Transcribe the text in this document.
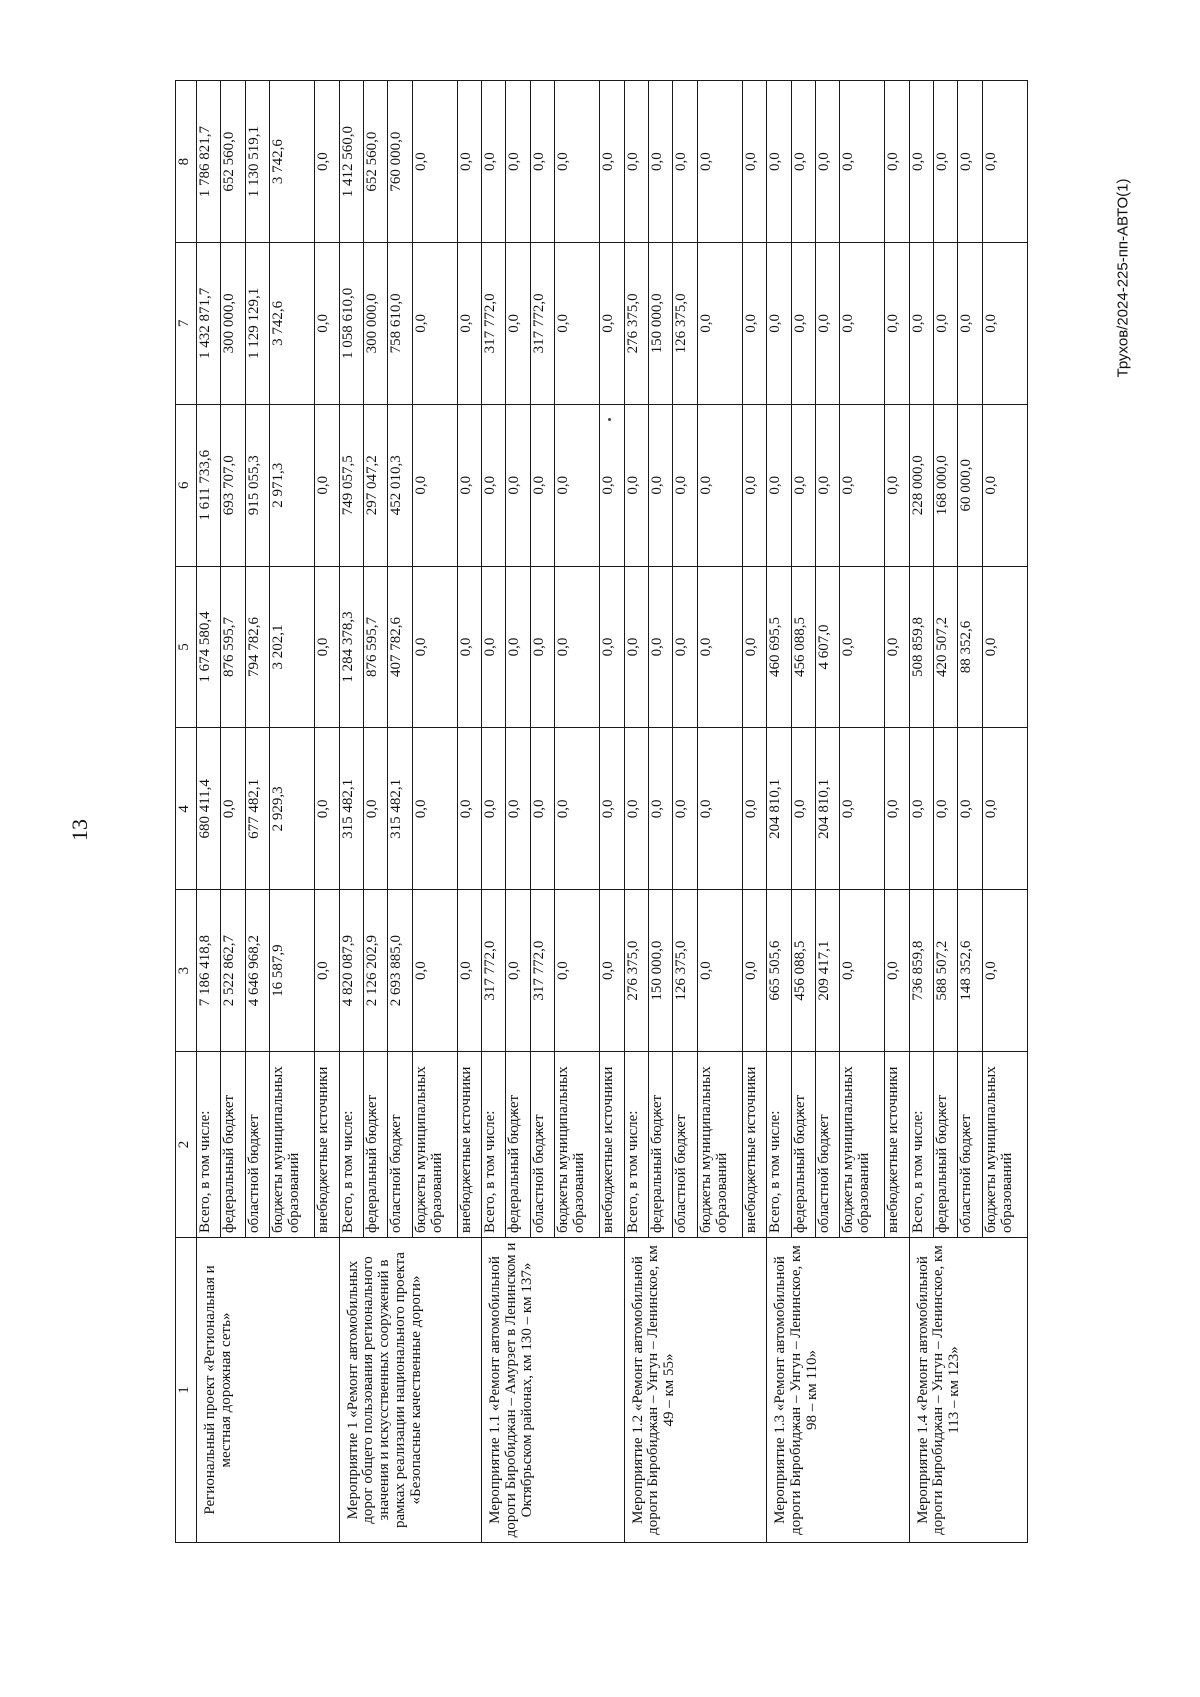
13
Трухов/2024-225-пп-АВТО(1)
1	2	3	4	5	6	7	8
Региональный проект «Региональная и местная дорожная сеть»	Всего, в том числе:	7 186 418,8	680 411,4	1 674 580,4	1 611 733,6	1 432 871,7	1 786 821,7
	федеральный бюджет	2 522 862,7	0,0	876 595,7	693 707,0	300 000,0	652 560,0
	областной бюджет	4 646 968,2	677 482,1	794 782,6	915 055,3	1 129 129,1	1 130 519,1
	бюджеты муниципальных образований	16 587,9	2 929,3	3 202,1	2 971,3	3 742,6	3 742,6
	внебюджетные источники	0,0	0,0	0,0	0,0	0,0	0,0
Мероприятие 1 «Ремонт автомобильных дорог общего пользования регионального значения и искусственных сооружений в рамках реализации национального проекта «Безопасные качественные дороги»	Всего, в том числе:	4 820 087,9	315 482,1	1 284 378,3	749 057,5	1 058 610,0	1 412 560,0
	федеральный бюджет	2 126 202,9	0,0	876 595,7	297 047,2	300 000,0	652 560,0
	областной бюджет	2 693 885,0	315 482,1	407 782,6	452 010,3	758 610,0	760 000,0
	бюджеты муниципальных образований	0,0	0,0	0,0	0,0	0,0	0,0
	внебюджетные источники	0,0	0,0	0,0	0,0	0,0	0,0
Мероприятие 1.1 «Ремонт автомобильной дороги Биробиджан – Амурзет в Ленинском и Октябрьском районах, км 130 – км 137»	Всего, в том числе:	317 772,0	0,0	0,0	0,0	317 772,0	0,0
	федеральный бюджет	0,0	0,0	0,0	0,0	0,0	0,0
	областной бюджет	317 772,0	0,0	0,0	0,0	317 772,0	0,0
	бюджеты муниципальных образований	0,0	0,0	0,0	0,0	0,0	0,0
	внебюджетные источники	0,0	0,0	0,0	0,0	0,0	0,0
Мероприятие 1.2 «Ремонт автомобильной дороги Биробиджан – Унгун – Ленинское, км 49 – км 55»	Всего, в том числе:	276 375,0	0,0	0,0	0,0	276 375,0	0,0
	федеральный бюджет	150 000,0	0,0	0,0	0,0	150 000,0	0,0
	областной бюджет	126 375,0	0,0	0,0	0,0	126 375,0	0,0
	бюджеты муниципальных образований	0,0	0,0	0,0	0,0	0,0	0,0
	внебюджетные источники	0,0	0,0	0,0	0,0	0,0	0,0
Мероприятие 1.3 «Ремонт автомобильной дороги Биробиджан – Унгун – Ленинское, км 98 – км 110»	Всего, в том числе:	665 505,6	204 810,1	460 695,5	0,0	0,0	0,0
	федеральный бюджет	456 088,5	0,0	456 088,5	0,0	0,0	0,0
	областной бюджет	209 417,1	204 810,1	4 607,0	0,0	0,0	0,0
	бюджеты муниципальных образований	0,0	0,0	0,0	0,0	0,0	0,0
	внебюджетные источники	0,0	0,0	0,0	0,0	0,0	0,0
Мероприятие 1.4 «Ремонт автомобильной дороги Биробиджан – Унгун – Ленинское, км 113 – км 123»	Всего, в том числе:	736 859,8	0,0	508 859,8	228 000,0	0,0	0,0
	федеральный бюджет	588 507,2	0,0	420 507,2	168 000,0	0,0	0,0
	областной бюджет	148 352,6	0,0	88 352,6	60 000,0	0,0	0,0
	бюджеты муниципальных образований	0,0	0,0	0,0	0,0	0,0	0,0
